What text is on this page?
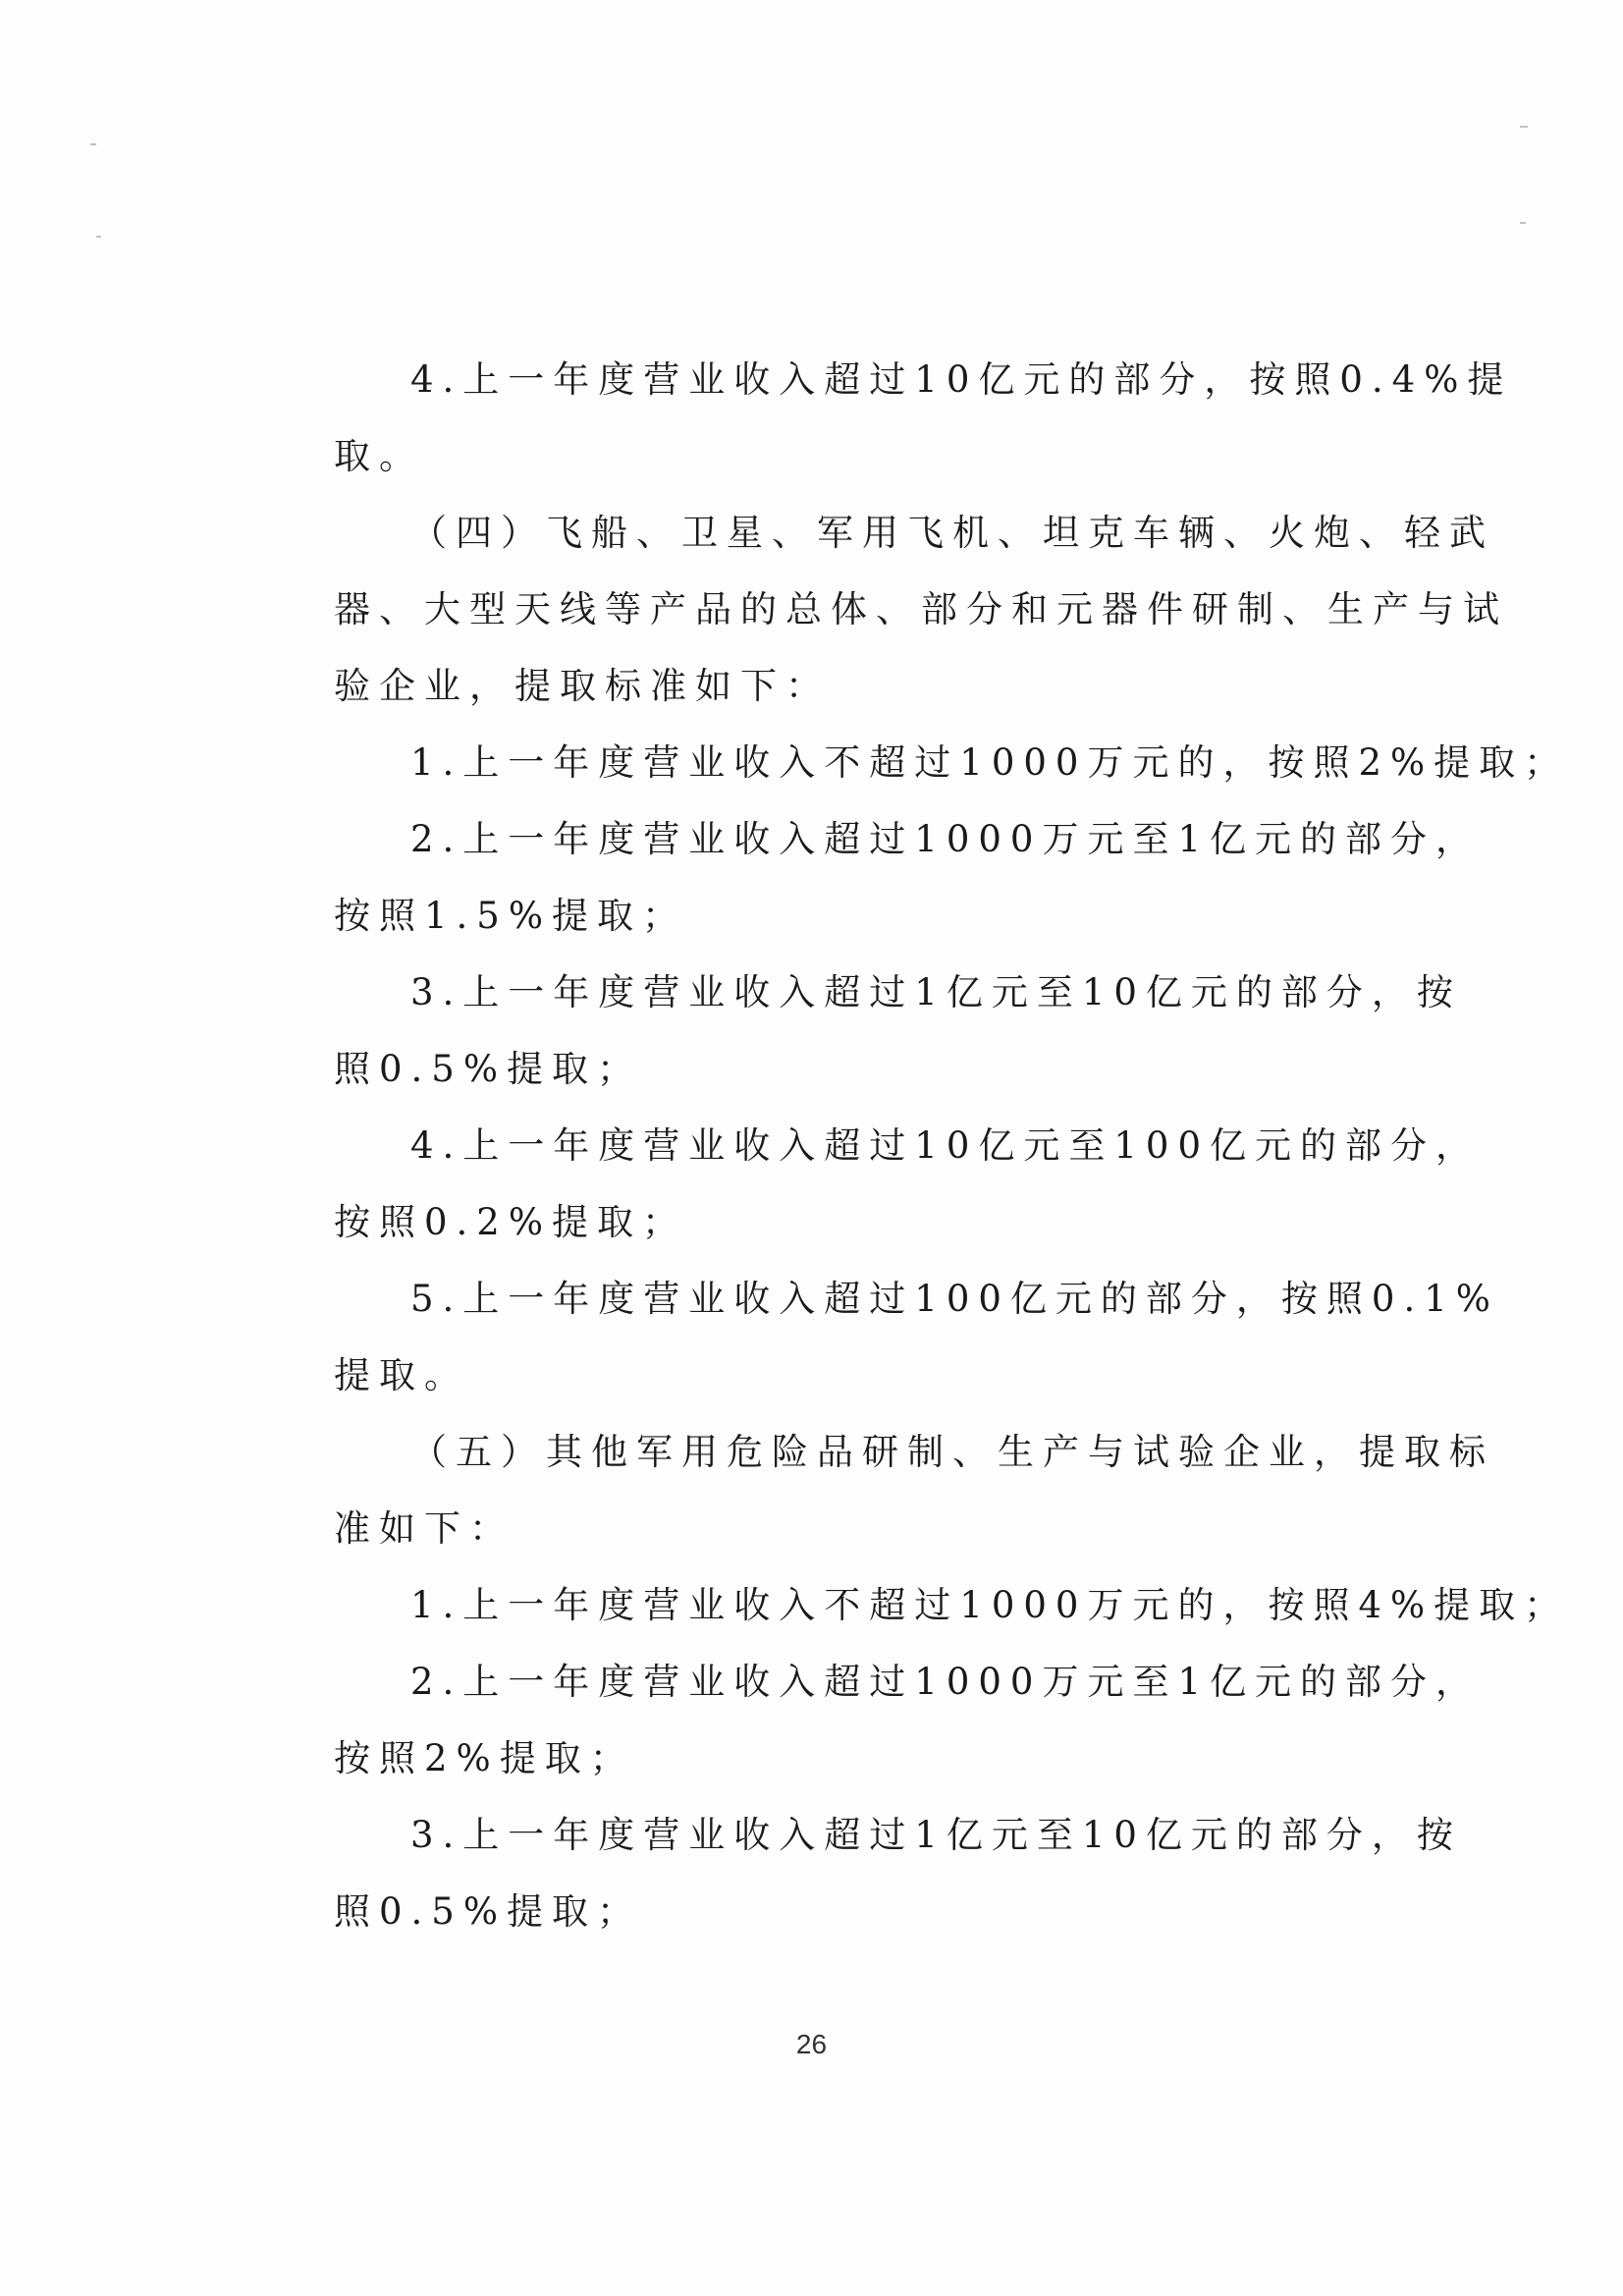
4.上一年度营业收入超过10亿元的部分，按照0.4%提
取。
（四）飞船、卫星、军用飞机、坦克车辆、火炮、轻武
器、大型天线等产品的总体、部分和元器件研制、生产与试
验企业，提取标准如下：
1.上一年度营业收入不超过1000万元的，按照2%提取；
2.上一年度营业收入超过1000万元至1亿元的部分，
按照1.5%提取；
3.上一年度营业收入超过1亿元至10亿元的部分，按
照0.5%提取；
4.上一年度营业收入超过10亿元至100亿元的部分，
按照0.2%提取；
5.上一年度营业收入超过100亿元的部分，按照0.1%
提取。
（五）其他军用危险品研制、生产与试验企业，提取标
准如下：
1.上一年度营业收入不超过1000万元的，按照4%提取；
2.上一年度营业收入超过1000万元至1亿元的部分，
按照2%提取；
3.上一年度营业收入超过1亿元至10亿元的部分，按
照0.5%提取；
26
